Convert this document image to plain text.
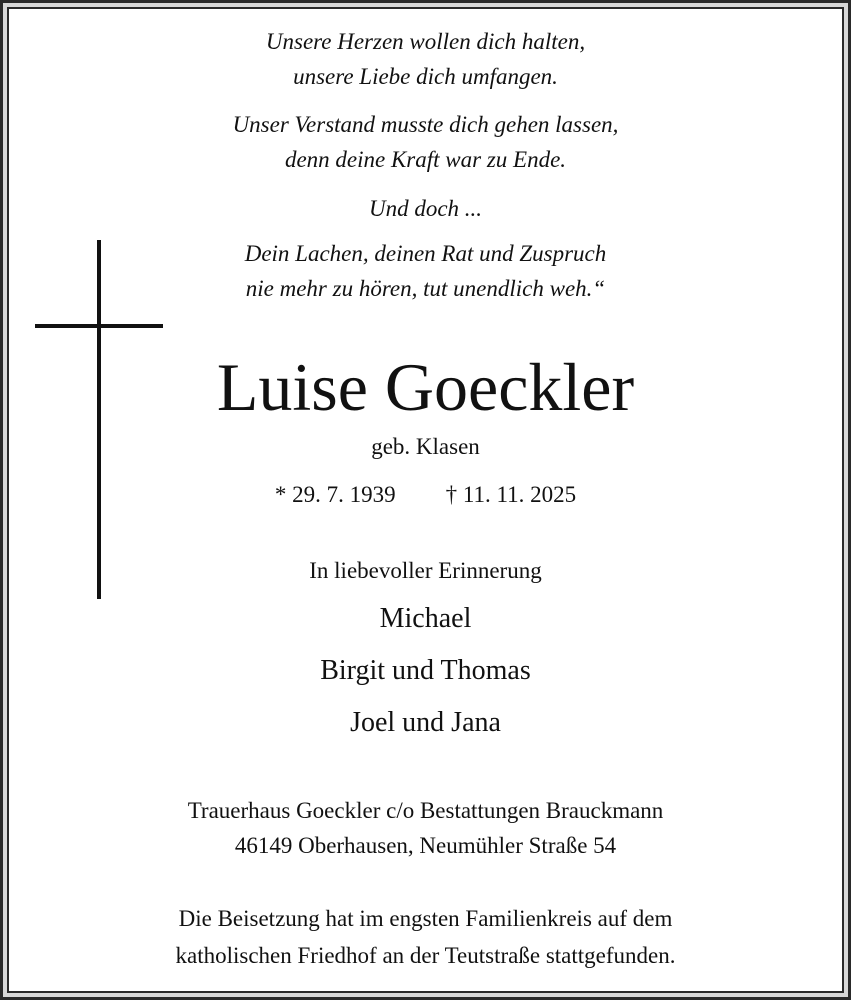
Unsere Herzen wollen dich halten,
unsere Liebe dich umfangen.
Unser Verstand musste dich gehen lassen,
denn deine Kraft war zu Ende.
Und doch ...
Dein Lachen, deinen Rat und Zuspruch
nie mehr zu hören, tut unendlich weh.“
Luise Goeckler
geb. Klasen
* 29. 7. 1939 † 11. 11. 2025
In liebevoller Erinnerung
Michael
Birgit und Thomas
Joel und Jana
Trauerhaus Goeckler c/o Bestattungen Brauckmann
46149 Oberhausen, Neumühler Straße 54
Die Beisetzung hat im engsten Familienkreis auf dem
katholischen Friedhof an der Teutstraße stattgefunden.
